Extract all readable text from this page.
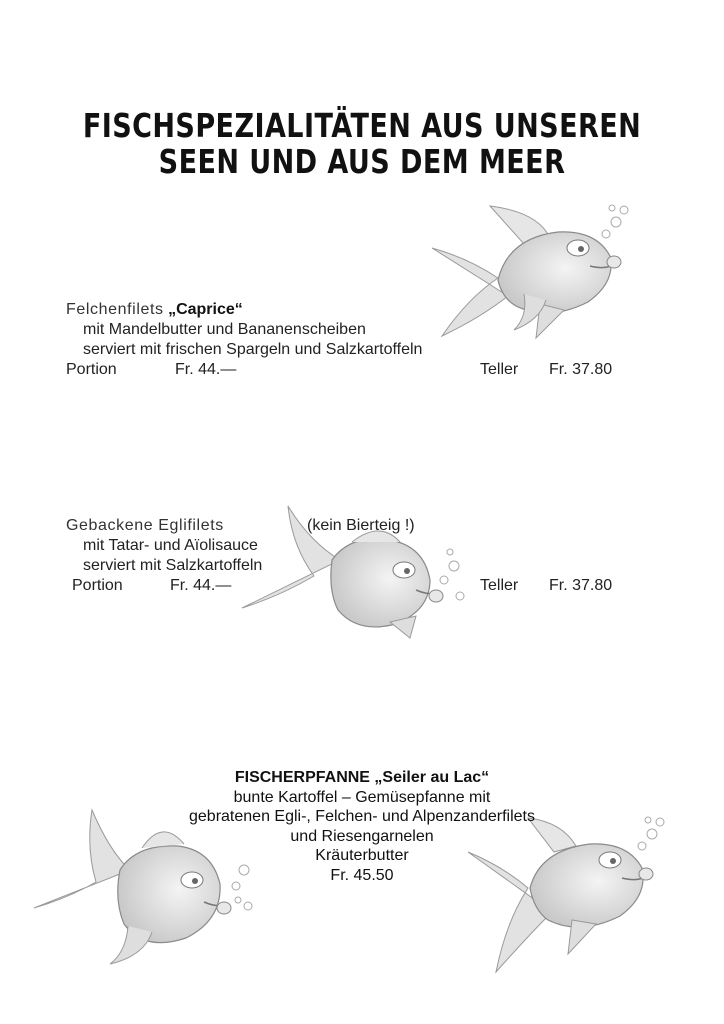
FISCHSPEZIALITÄTEN AUS UNSEREN
SEEN UND AUS DEM MEER
Felchenfilets „Caprice“
mit Mandelbutter und Bananenscheiben
serviert mit frischen Spargeln und Salzkartoffeln
Portion	Fr. 44.—	Teller Fr. 37.80
Gebackene Eglifilets	(kein Bierteig !)
mit Tatar- und Aïolisauce
serviert mit Salzkartoffeln
Portion	Fr. 44.—	Teller Fr. 37.80
FISCHERPFANNE „Seiler au Lac“
bunte Kartoffel – Gemüsepfanne mit
gebratenen Egli-, Felchen- und Alpenzanderfilets
und Riesengarnelen
Kräuterbutter
Fr. 45.50
